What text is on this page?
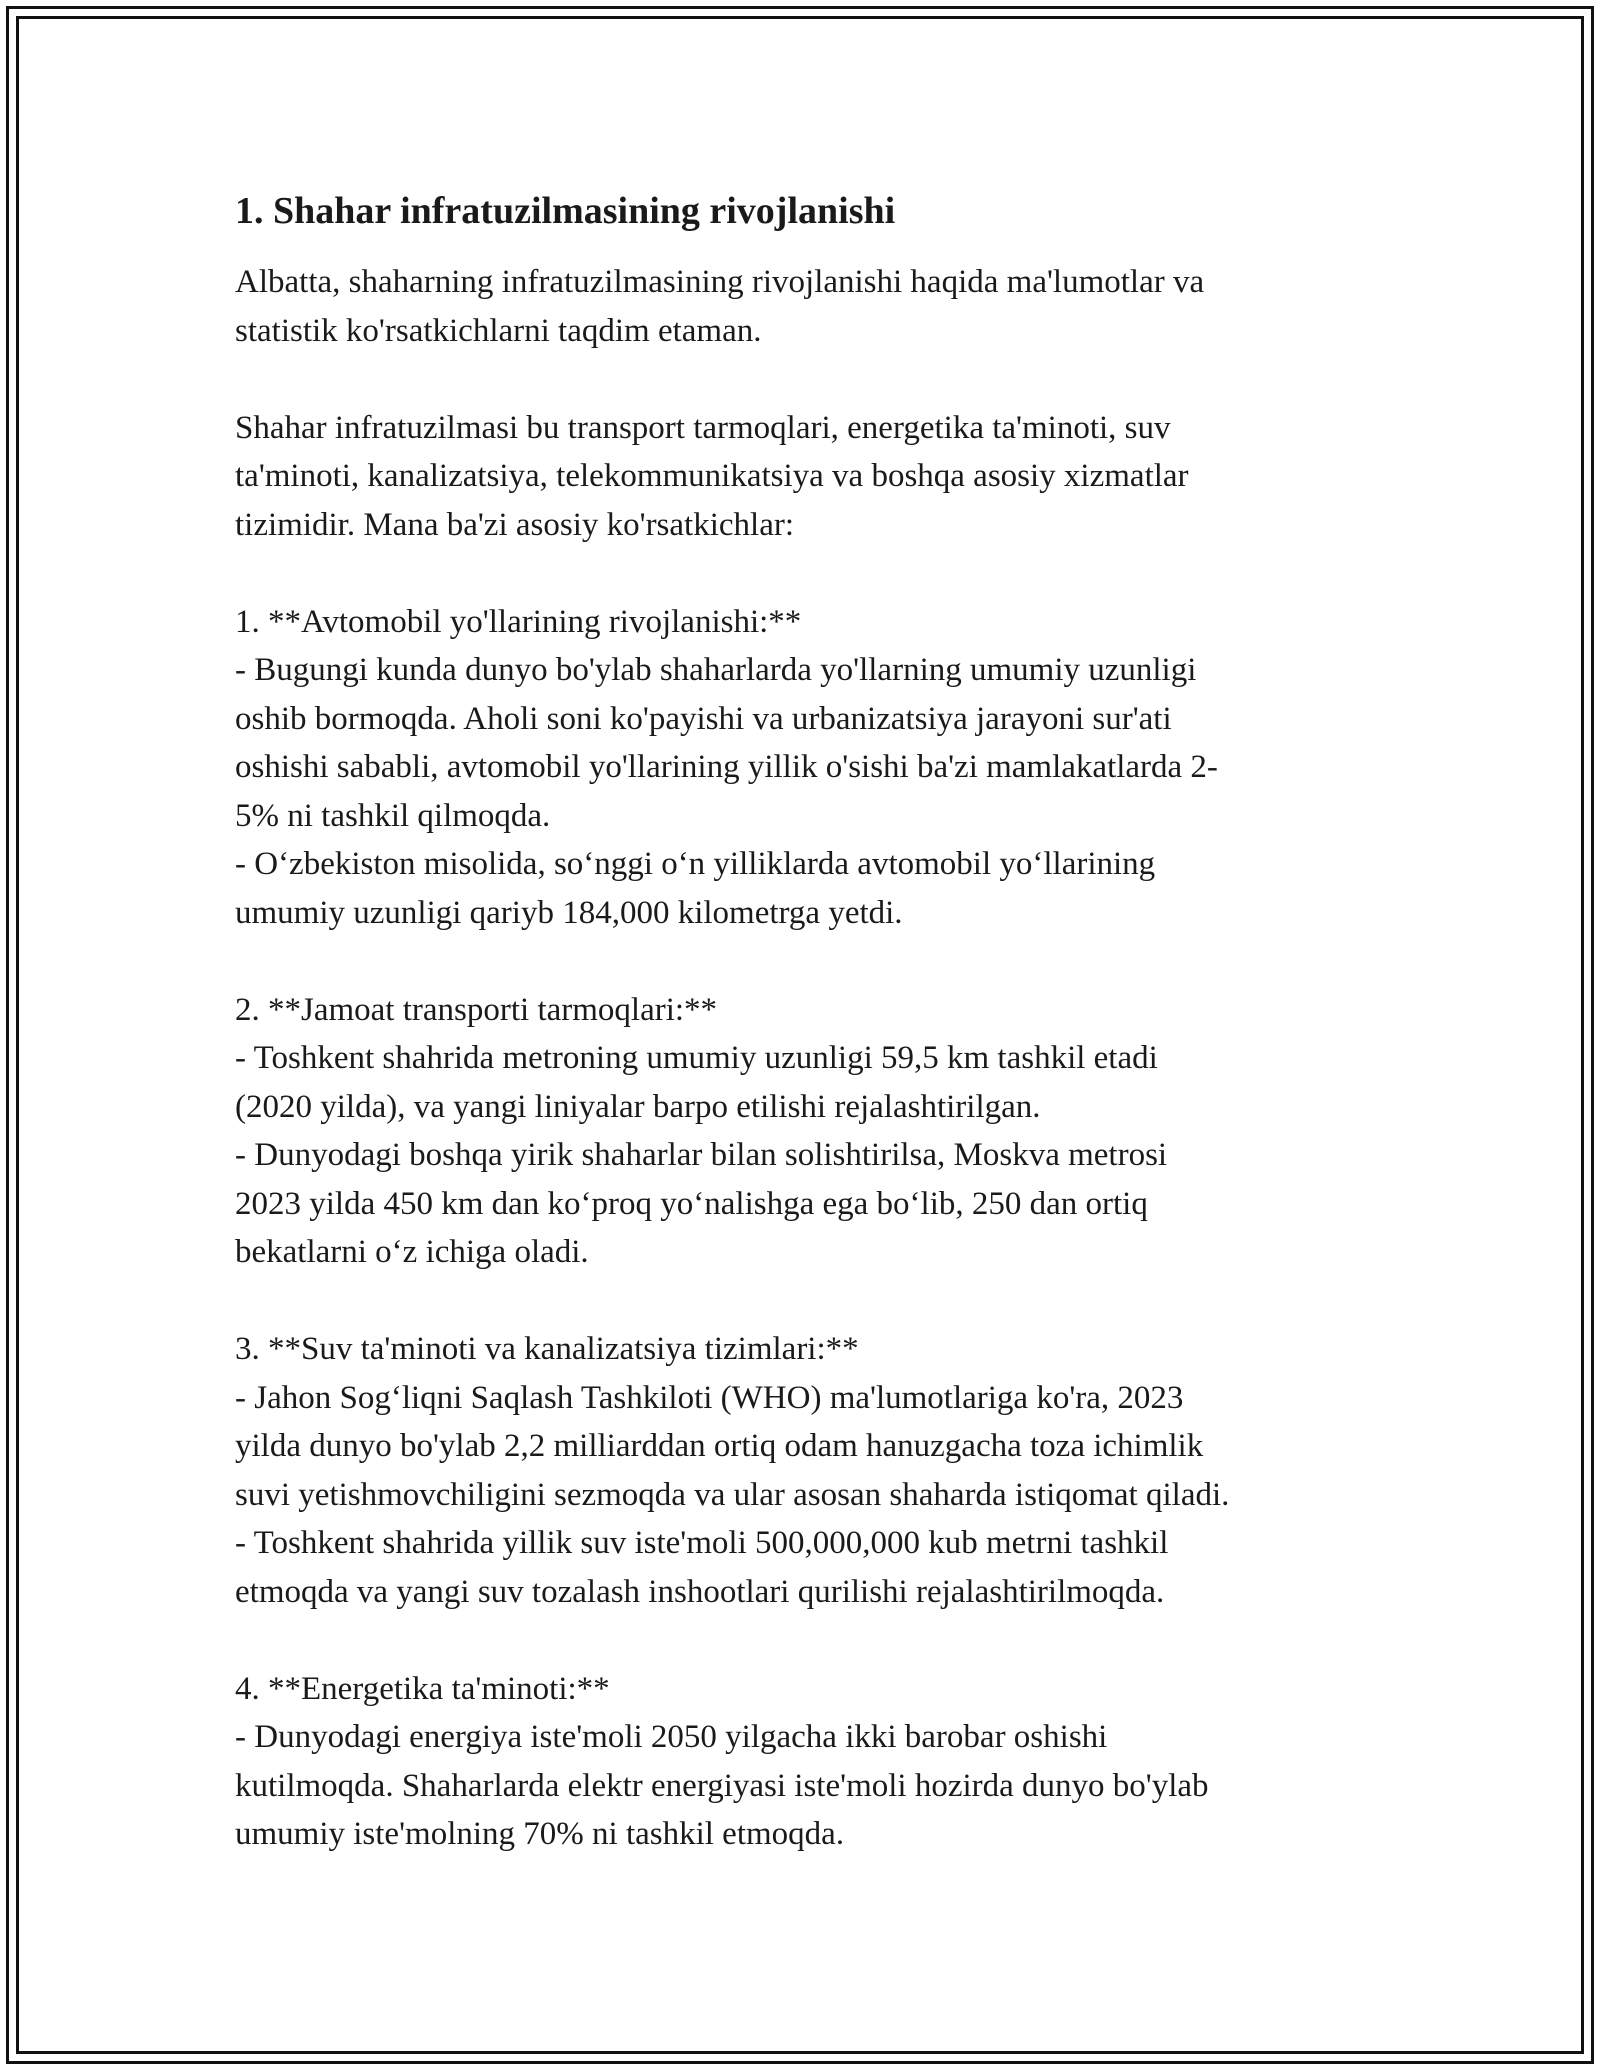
1. Shahar infratuzilmasining rivojlanishi

Albatta, shaharning infratuzilmasining rivojlanishi haqida ma'lumotlar va
statistik ko'rsatkichlarni taqdim etaman.

Shahar infratuzilmasi bu transport tarmoqlari, energetika ta'minoti, suv
ta'minoti, kanalizatsiya, telekommunikatsiya va boshqa asosiy xizmatlar
tizimidir. Mana ba'zi asosiy ko'rsatkichlar:

1. **Avtomobil yo'llarining rivojlanishi:**

- Bugungi kunda dunyo bo'ylab shaharlarda yo'llarning umumiy uzunligi
oshib bormoqda. Aholi soni ko'payishi va urbanizatsiya jarayoni sur'ati
oshishi sababli, avtomobil yo'llarining yillik o'sishi ba'zi mamlakatlarda 2-
5% ni tashkil qilmoqda.

- O‘zbekiston misolida, so‘nggi o‘n yilliklarda avtomobil yo‘llarining
umumiy uzunligi qariyb 184,000 kilometrga yetdi.

2. **Jamoat transporti tarmoqlari:**

- Toshkent shahrida metroning umumiy uzunligi 59,5 km tashkil etadi
(2020 yilda), va yangi liniyalar barpo etilishi rejalashtirilgan.

- Dunyodagi boshqa yirik shaharlar bilan solishtirilsa, Moskva metrosi
2023 yilda 450 km dan ko‘proq yo‘nalishga ega bo‘lib, 250 dan ortiq
bekatlarni o‘z ichiga oladi.

3. **Suv ta'minoti va kanalizatsiya tizimlari:**

- Jahon Sog‘liqni Saqlash Tashkiloti (WHO) ma'lumotlariga ko'ra, 2023
yilda dunyo bo'ylab 2,2 milliarddan ortiq odam hanuzgacha toza ichimlik
suvi yetishmovchiligini sezmoqda va ular asosan shaharda istiqomat qiladi.

- Toshkent shahrida yillik suv iste'moli 500,000,000 kub metrni tashkil
etmoqda va yangi suv tozalash inshootlari qurilishi rejalashtirilmoqda.

4. **Energetika ta'minoti:**

- Dunyodagi energiya iste'moli 2050 yilgacha ikki barobar oshishi
kutilmoqda. Shaharlarda elektr energiyasi iste'moli hozirda dunyo bo'ylab
umumiy iste'molning 70% ni tashkil etmoqda.
